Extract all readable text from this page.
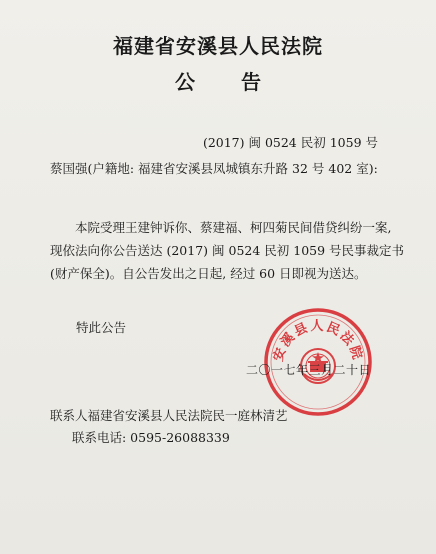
福建省安溪县人民法院
公告
(2017) 闽 0524 民初 1059 号

蔡国强(户籍地: 福建省安溪县凤城镇东升路 32 号 402 室):

本院受理王建钟诉你、蔡建福、柯四菊民间借贷纠纷一案, 现依法向你公告送达 (2017) 闽 0524 民初 1059 号民事裁定书 (财产保全)。自公告发出之日起, 经过 60 日即视为送达。

特此公告
安溪县人民法院
二〇一七年三月二十日
联系人福建省安溪县人民法院民一庭林清艺
联系电话: 0595-26088339
